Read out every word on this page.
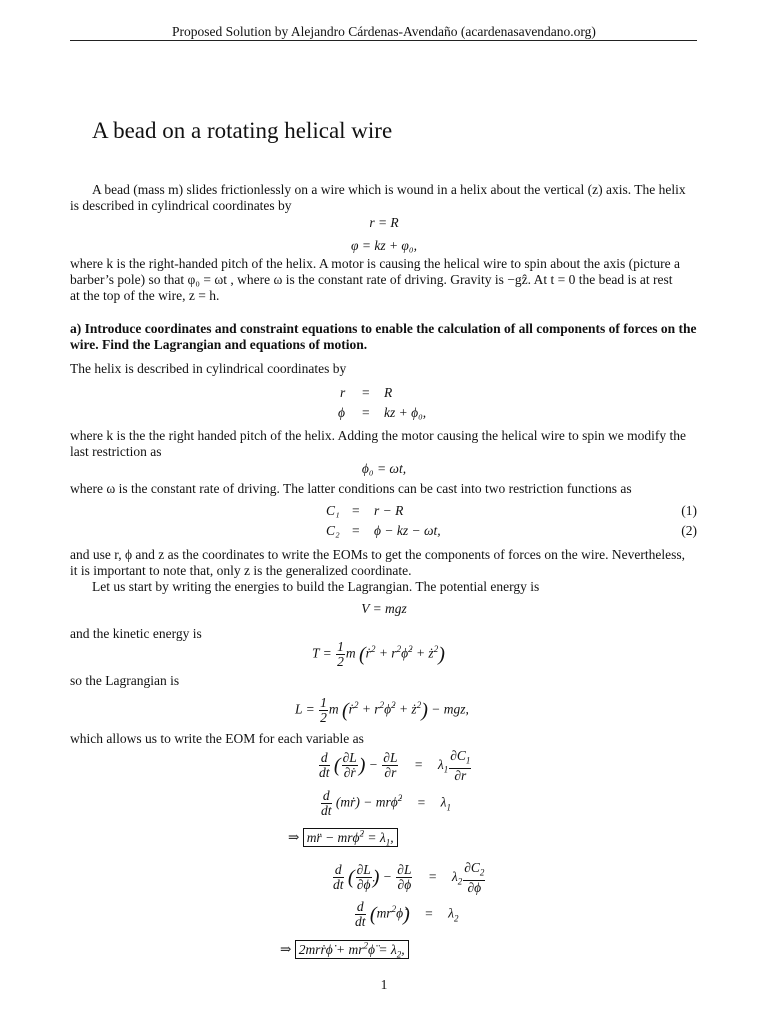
Proposed Solution by Alejandro Cárdenas-Avendaño (acardenasavendano.org)
A bead on a rotating helical wire
A bead (mass m) slides frictionlessly on a wire which is wound in a helix about the vertical (z) axis. The helix
is described in cylindrical coordinates by
r = R
φ = kz + φ₀,
where k is the right-handed pitch of the helix. A motor is causing the helical wire to spin about the axis (picture a
barber’s pole) so that φ₀ = ωt , where ω is the constant rate of driving. Gravity is −gẑ. At t = 0 the bead is at rest
at the top of the wire, z = h.
a) Introduce coordinates and constraint equations to enable the calculation of all components of forces on the
wire. Find the Lagrangian and equations of motion.
The helix is described in cylindrical coordinates by
r = R
ϕ = kz + ϕ₀,
where k is the the right handed pitch of the helix. Adding the motor causing the helical wire to spin we modify the
last restriction as
ϕ₀ = ωt,
where ω is the constant rate of driving. The latter conditions can be cast into two restriction functions as
C₁ = r − R	(1)
C₂ = ϕ − kz − ωt,	(2)
and use r, ϕ and z as the coordinates to write the EOMs to get the components of forces on the wire. Nevertheless,
it is important to note that, only z is the generalized coordinate.
Let us start by writing the energies to build the Lagrangian. The potential energy is
V = mgz
and the kinetic energy is
$T = \frac{1}{2}$ m (ṙ$^2$ + $r^2\phi̇^2$ + $ż^2$)
so the Lagrangian is
$L = \frac{1}{2}$ m (ṙ$^2$ + $r^2\phi̇^2$ + $ż^2$) − mgz,
which allows us to write the EOM for each variable as
$\frac{d}{dt}$ ( $\frac{\partial L}{\text{∂ṙ}}$ ) − $\frac{\partial L}{\partial r} = \lambda_1 \frac{\partial C_1}{\partial r}$
$\frac{d}{dt}$ (mṙ) − mrϕ̇$^2$ = $\lambda_1$
⇒ mr̈ − mrϕ̇$^2$ = $\lambda_1$,
$\frac{d}{dt}$ ( $\frac{\partial L}{\partial\phi̇}$ ) − $\frac{\partial L}{\partial\phi} = \lambda_2 \frac{\partial C_2}{\partial\phi}$
$\frac{d}{dt}$ $(mr^2\phi̇) = \lambda_2$
⇒ 2mrṙϕ̇ + $mr^2\phï = \lambda_2$,
1
